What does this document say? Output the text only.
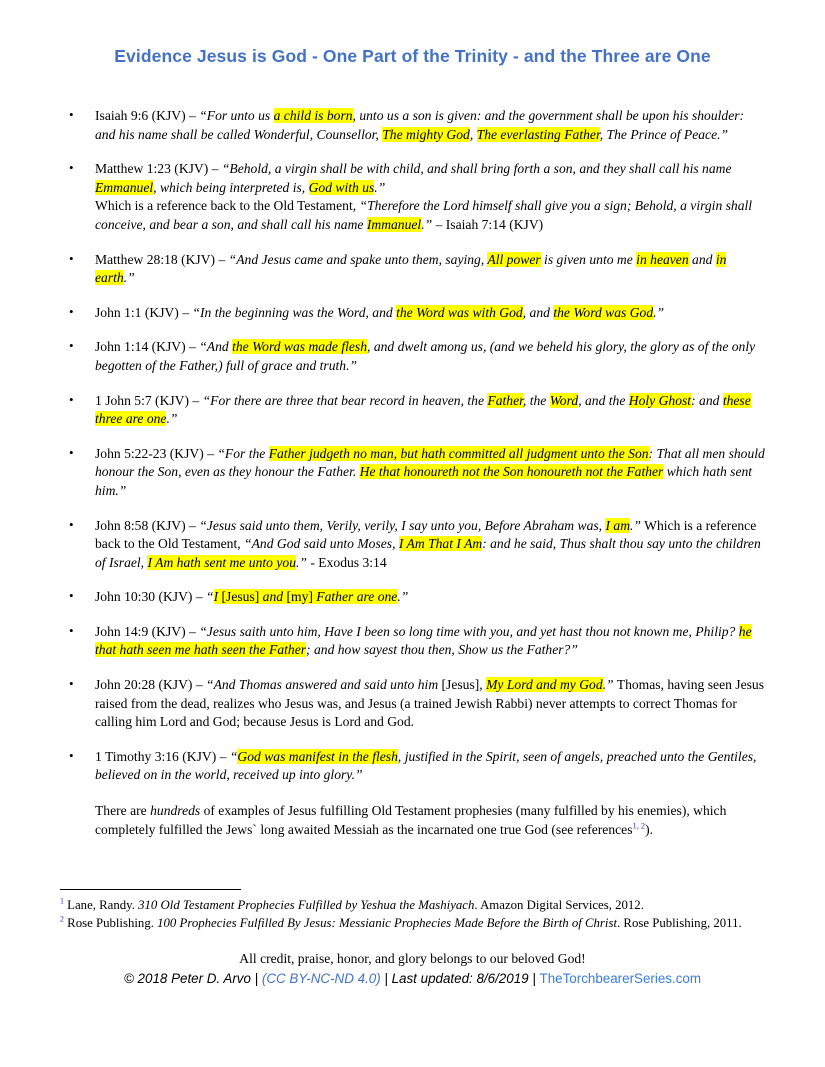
Evidence Jesus is God - One Part of the Trinity - and the Three are One
• Isaiah 9:6 (KJV) – “For unto us a child is born, unto us a son is given: and the government shall be upon his shoulder: and his name shall be called Wonderful, Counsellor, The mighty God, The everlasting Father, The Prince of Peace.”
• Matthew 1:23 (KJV) – “Behold, a virgin shall be with child, and shall bring forth a son, and they shall call his name Emmanuel, which being interpreted is, God with us.”
Which is a reference back to the Old Testament, “Therefore the Lord himself shall give you a sign; Behold, a virgin shall conceive, and bear a son, and shall call his name Immanuel.” – Isaiah 7:14 (KJV)
• Matthew 28:18 (KJV) – “And Jesus came and spake unto them, saying, All power is given unto me in heaven and in earth.”
• John 1:1 (KJV) – “In the beginning was the Word, and the Word was with God, and the Word was God.”
• John 1:14 (KJV) – “And the Word was made flesh, and dwelt among us, (and we beheld his glory, the glory as of the only begotten of the Father,) full of grace and truth.”
• 1 John 5:7 (KJV) – “For there are three that bear record in heaven, the Father, the Word, and the Holy Ghost: and these three are one.”
• John 5:22-23 (KJV) – “For the Father judgeth no man, but hath committed all judgment unto the Son: That all men should honour the Son, even as they honour the Father. He that honoureth not the Son honoureth not the Father which hath sent him.”
• John 8:58 (KJV) – “Jesus said unto them, Verily, verily, I say unto you, Before Abraham was, I am.” Which is a reference back to the Old Testament, “And God said unto Moses, I Am That I Am: and he said, Thus shalt thou say unto the children of Israel, I Am hath sent me unto you.” - Exodus 3:14
• John 10:30 (KJV) – “I [Jesus] and [my] Father are one.”
• John 14:9 (KJV) – “Jesus saith unto him, Have I been so long time with you, and yet hast thou not known me, Philip? he that hath seen me hath seen the Father; and how sayest thou then, Show us the Father?”
• John 20:28 (KJV) – “And Thomas answered and said unto him [Jesus], My Lord and my God.” Thomas, having seen Jesus raised from the dead, realizes who Jesus was, and Jesus (a trained Jewish Rabbi) never attempts to correct Thomas for calling him Lord and God; because Jesus is Lord and God.
• 1 Timothy 3:16 (KJV) – “God was manifest in the flesh, justified in the Spirit, seen of angels, preached unto the Gentiles, believed on in the world, received up into glory.”

There are hundreds of examples of Jesus fulfilling Old Testament prophesies (many fulfilled by his enemies), which completely fulfilled the Jews` long awaited Messiah as the incarnated one true God (see references$^{1, 2}$).

$^1$ Lane, Randy. 310 Old Testament Prophecies Fulfilled by Yeshua the Mashiyach. Amazon Digital Services, 2012.

$^2$ Rose Publishing. 100 Prophecies Fulfilled By Jesus: Messianic Prophecies Made Before the Birth of Christ. Rose Publishing, 2011.

All credit, praise, honor, and glory belongs to our beloved God!
© 2018 Peter D. Arvo | (CC BY-NC-ND 4.0) | Last updated: 8/6/2019 | TheTorchbearerSeries.com
